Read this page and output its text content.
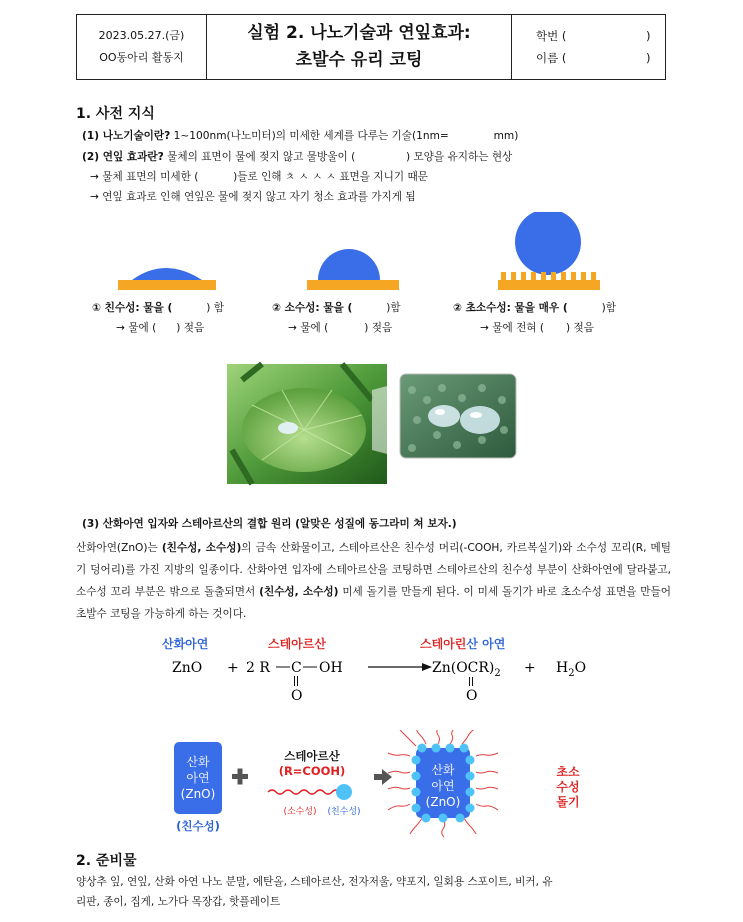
2023.05.27.(금)
OO동아리 활동지
실험 2. 나노기술과 연잎효과:
초발수 유리 코팅
학번 (	)
이름 (	)
1. 사전 지식
(1) 나노기술이란? 1~100nm(나노미터)의 미세한 세계를 다루는 기술(1nm=	mm)
(2) 연잎 효과란? 물체의 표면이 물에 젖지 않고 물방울이 (	) 모양을 유지하는 현상
→ 물체 표면의 미세한 (	)들로 인해 ㅊ ㅅ ㅅ ㅅ 표면을 지니기 때문
→ 연잎 효과로 인해 연잎은 물에 젖지 않고 자기 청소 효과를 가지게 됨
① 친수성: 물을 (	) 함
→ 물에 ( ) 젖음
② 소수성: 물을 (	)함
→ 물에 (	) 젖음
② 초소수성: 물을 매우 (	)함
→ 물에 전혀 ( ) 젖음
(3) 산화아연 입자와 스테아르산의 결합 원리 (알맞은 성질에 동그라미 쳐 보자.)
산화아연(ZnO)는 (친수성, 소수성)의 금속 산화물이고, 스테아르산은 친수성 머리(-COOH, 카르복실기)와 소수성 꼬리(R, 메틸기 덩어리)를 가진 지방의 일종이다. 산화아연 입자에 스테아르산을 코팅하면 스테아르산의 친수성 부분이 산화아연에 달라붙고, 소수성 꼬리 부분은 밖으로 돌출되면서 (친수성, 소수성) 미세 돌기를 만들게 된다. 이 미세 돌기가 바로 초소수성 표면을 만들어 초발수 코팅을 가능하게 하는 것이다.
산화아연	스테아르산	스테아린산 아연
ZnO + 2 R C OH
O
$Zn(OCR)_2$
O
+ $H_2O$
산화
아연
(ZnO)
(친수성)
스테아르산
(R=COOH)
(소수성) (친수성)
산화
아연
(ZnO)
초소
수성
돌기
2. 준비물
양상추 잎, 연잎, 산화 아연 나노 분말, 에탄올, 스테아르산, 전자저울, 약포지, 일회용 스포이트, 비커, 유
리판, 종이, 집게, 노가다 목장갑, 핫플레이트
